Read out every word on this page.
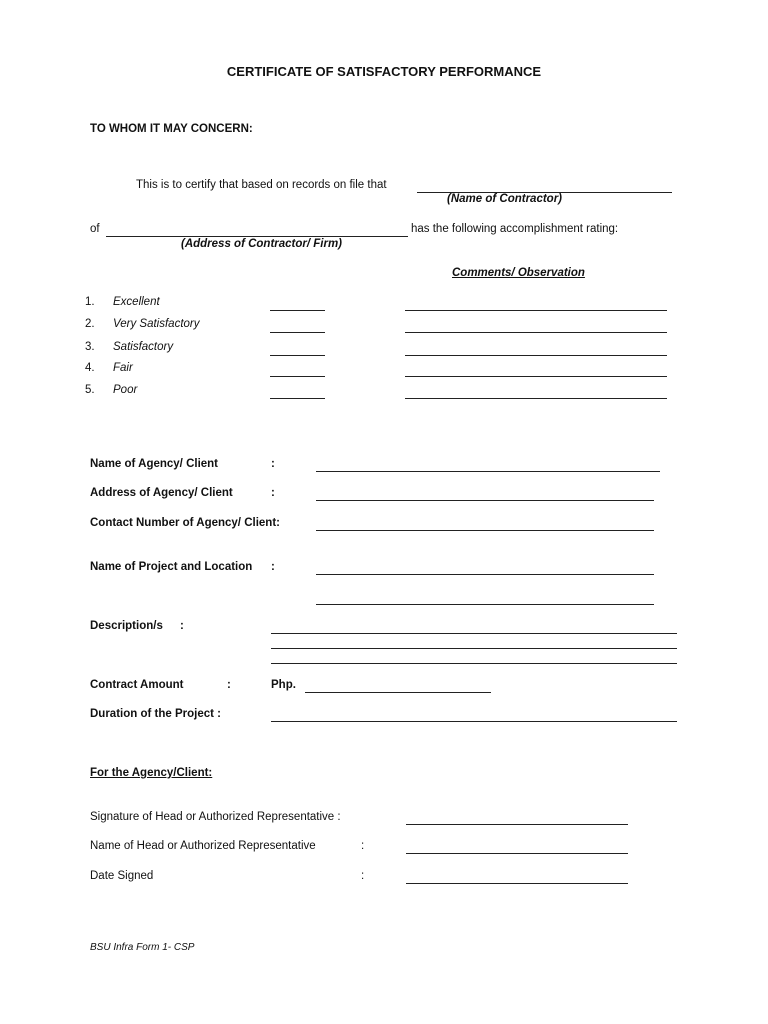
CERTIFICATE OF SATISFACTORY PERFORMANCE
TO WHOM IT MAY CONCERN:
This is to certify that based on records on file that
(Name of Contractor)
of	has the following accomplishment rating:
(Address of Contractor/ Firm)
Comments/ Observation
1. Excellent
2. Very Satisfactory
3. Satisfactory
4. Fair
5. Poor
Name of Agency/ Client	:
Address of Agency/ Client	:
Contact Number of Agency/ Client:
Name of Project and Location :
Description/s :
Contract Amount	:	Php.
Duration of the Project :
For the Agency/Client:
Signature of Head or Authorized Representative :
Name of Head or Authorized Representative	:
Date Signed	:
BSU Infra Form 1- CSP
